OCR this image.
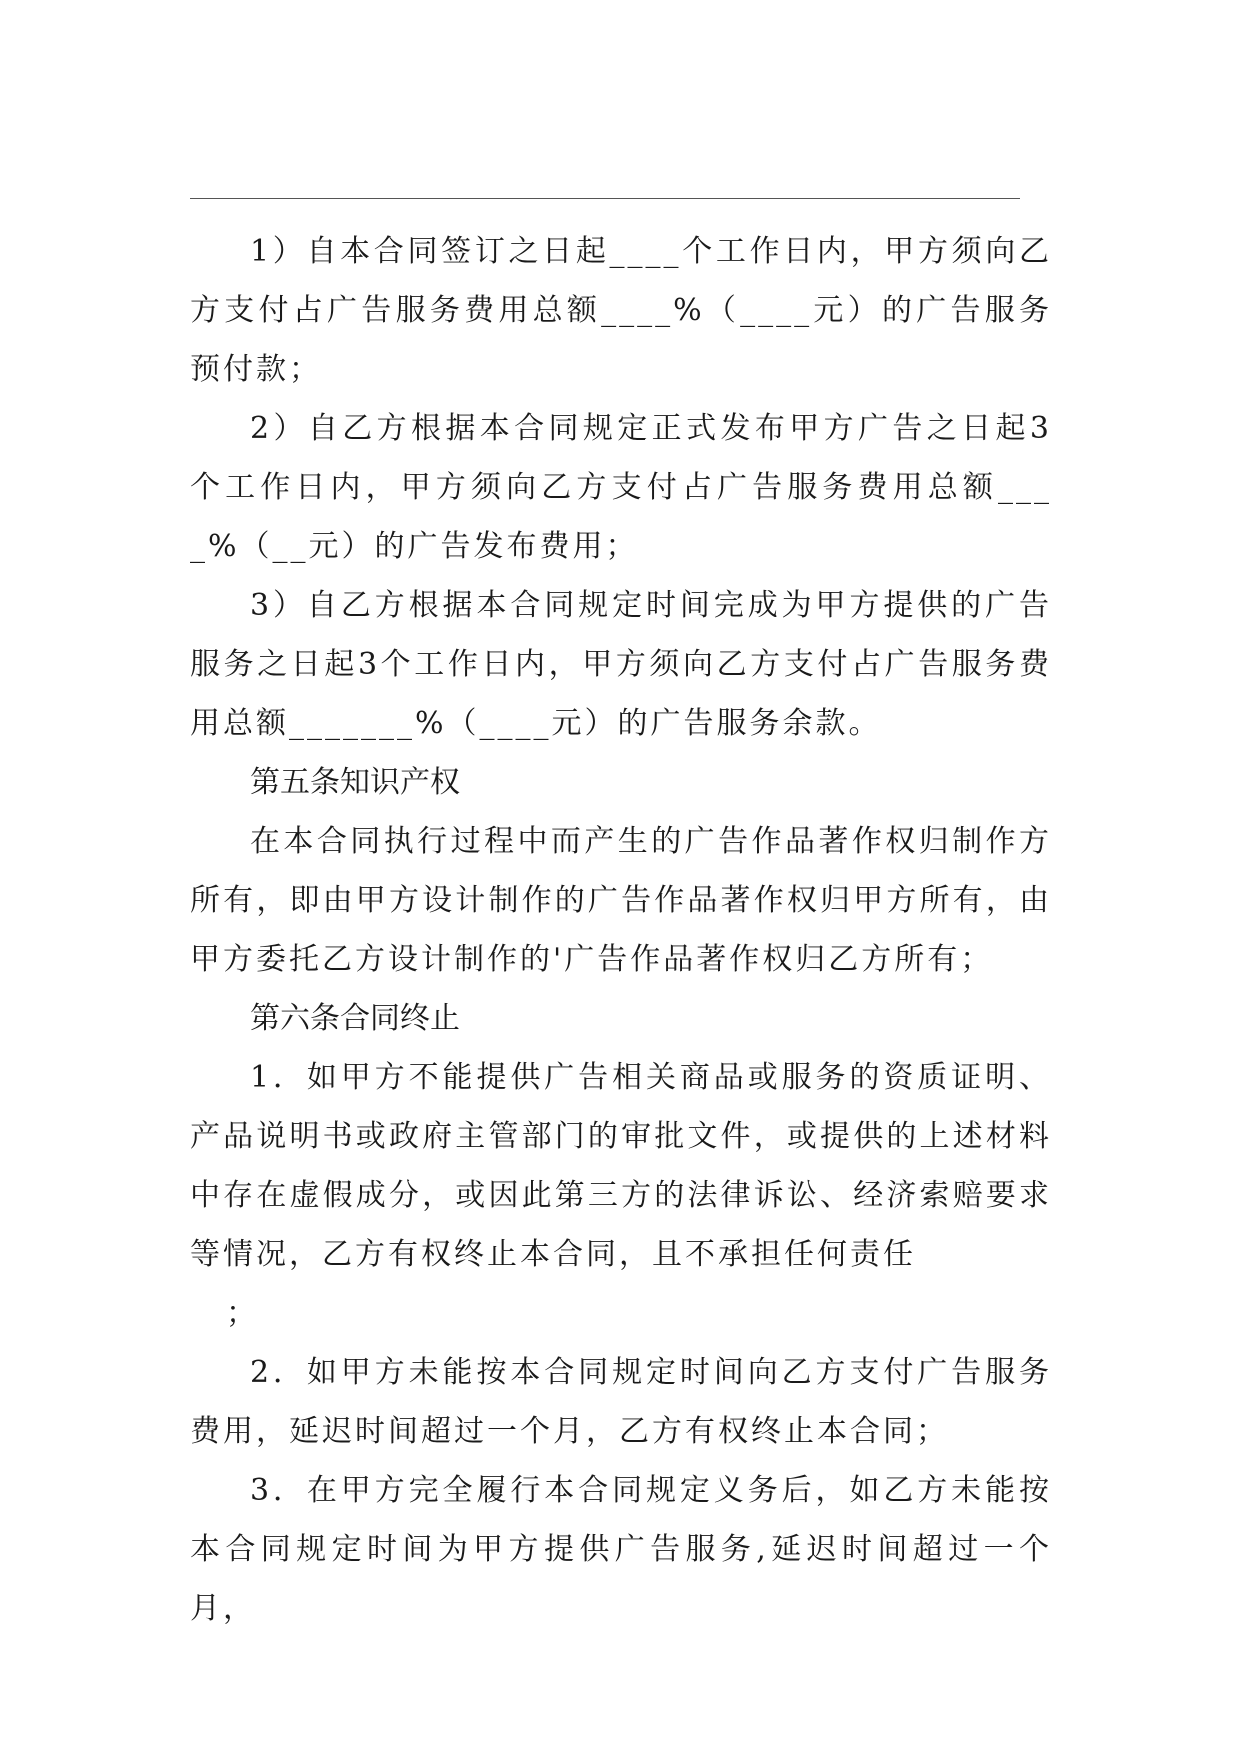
1）自本合同签订之日起____个工作日内，甲方须向乙方支付占广告服务费用总额____%（____元）的广告服务预付款；

2）自乙方根据本合同规定正式发布甲方广告之日起3个工作日内，甲方须向乙方支付占广告服务费用总额____%（__元）的广告发布费用；

3）自乙方根据本合同规定时间完成为甲方提供的广告服务之日起3个工作日内，甲方须向乙方支付占广告服务费用总额_______%（____元）的广告服务余款。

第五条知识产权

在本合同执行过程中而产生的广告作品著作权归制作方所有，即由甲方设计制作的广告作品著作权归甲方所有，由甲方委托乙方设计制作的'广告作品著作权归乙方所有；

第六条合同终止

1．如甲方不能提供广告相关商品或服务的资质证明、产品说明书或政府主管部门的审批文件，或提供的上述材料中存在虚假成分，或因此第三方的法律诉讼、经济索赔要求等情况，乙方有权终止本合同，且不承担任何责任

；

2．如甲方未能按本合同规定时间向乙方支付广告服务费用，延迟时间超过一个月，乙方有权终止本合同；

3．在甲方完全履行本合同规定义务后，如乙方未能按本合同规定时间为甲方提供广告服务,延迟时间超过一个月，
